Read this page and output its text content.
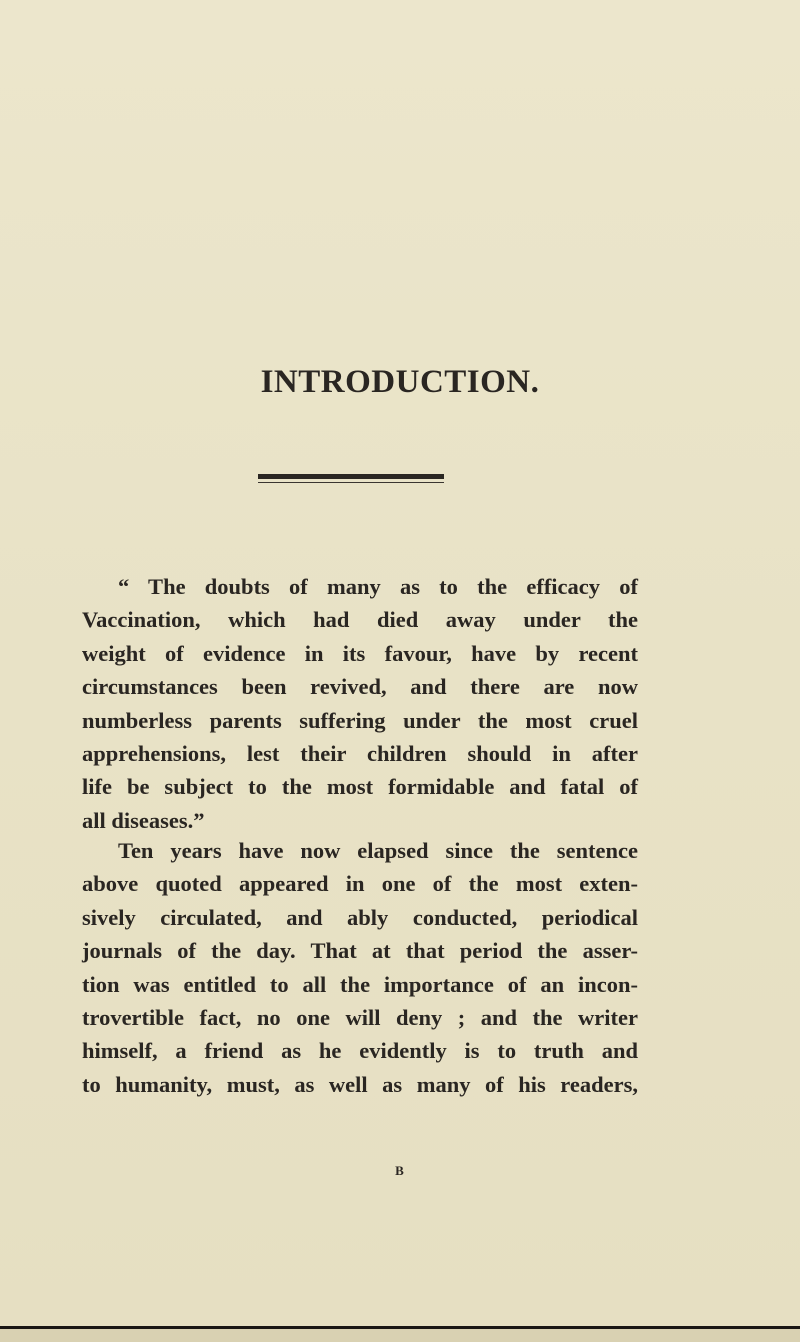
INTRODUCTION.
“ The doubts of many as to the efficacy of
Vaccination, which had died away under the
weight of evidence in its favour, have by recent
circumstances been revived, and there are now
numberless parents suffering under the most cruel
apprehensions, lest their children should in after
life be subject to the most formidable and fatal of
all diseases.”
Ten years have now elapsed since the sentence
above quoted appeared in one of the most exten-
sively circulated, and ably conducted, periodical
journals of the day. That at that period the asser-
tion was entitled to all the importance of an incon-
trovertible fact, no one will deny ; and the writer
himself, a friend as he evidently is to truth and
to humanity, must, as well as many of his readers,
B
